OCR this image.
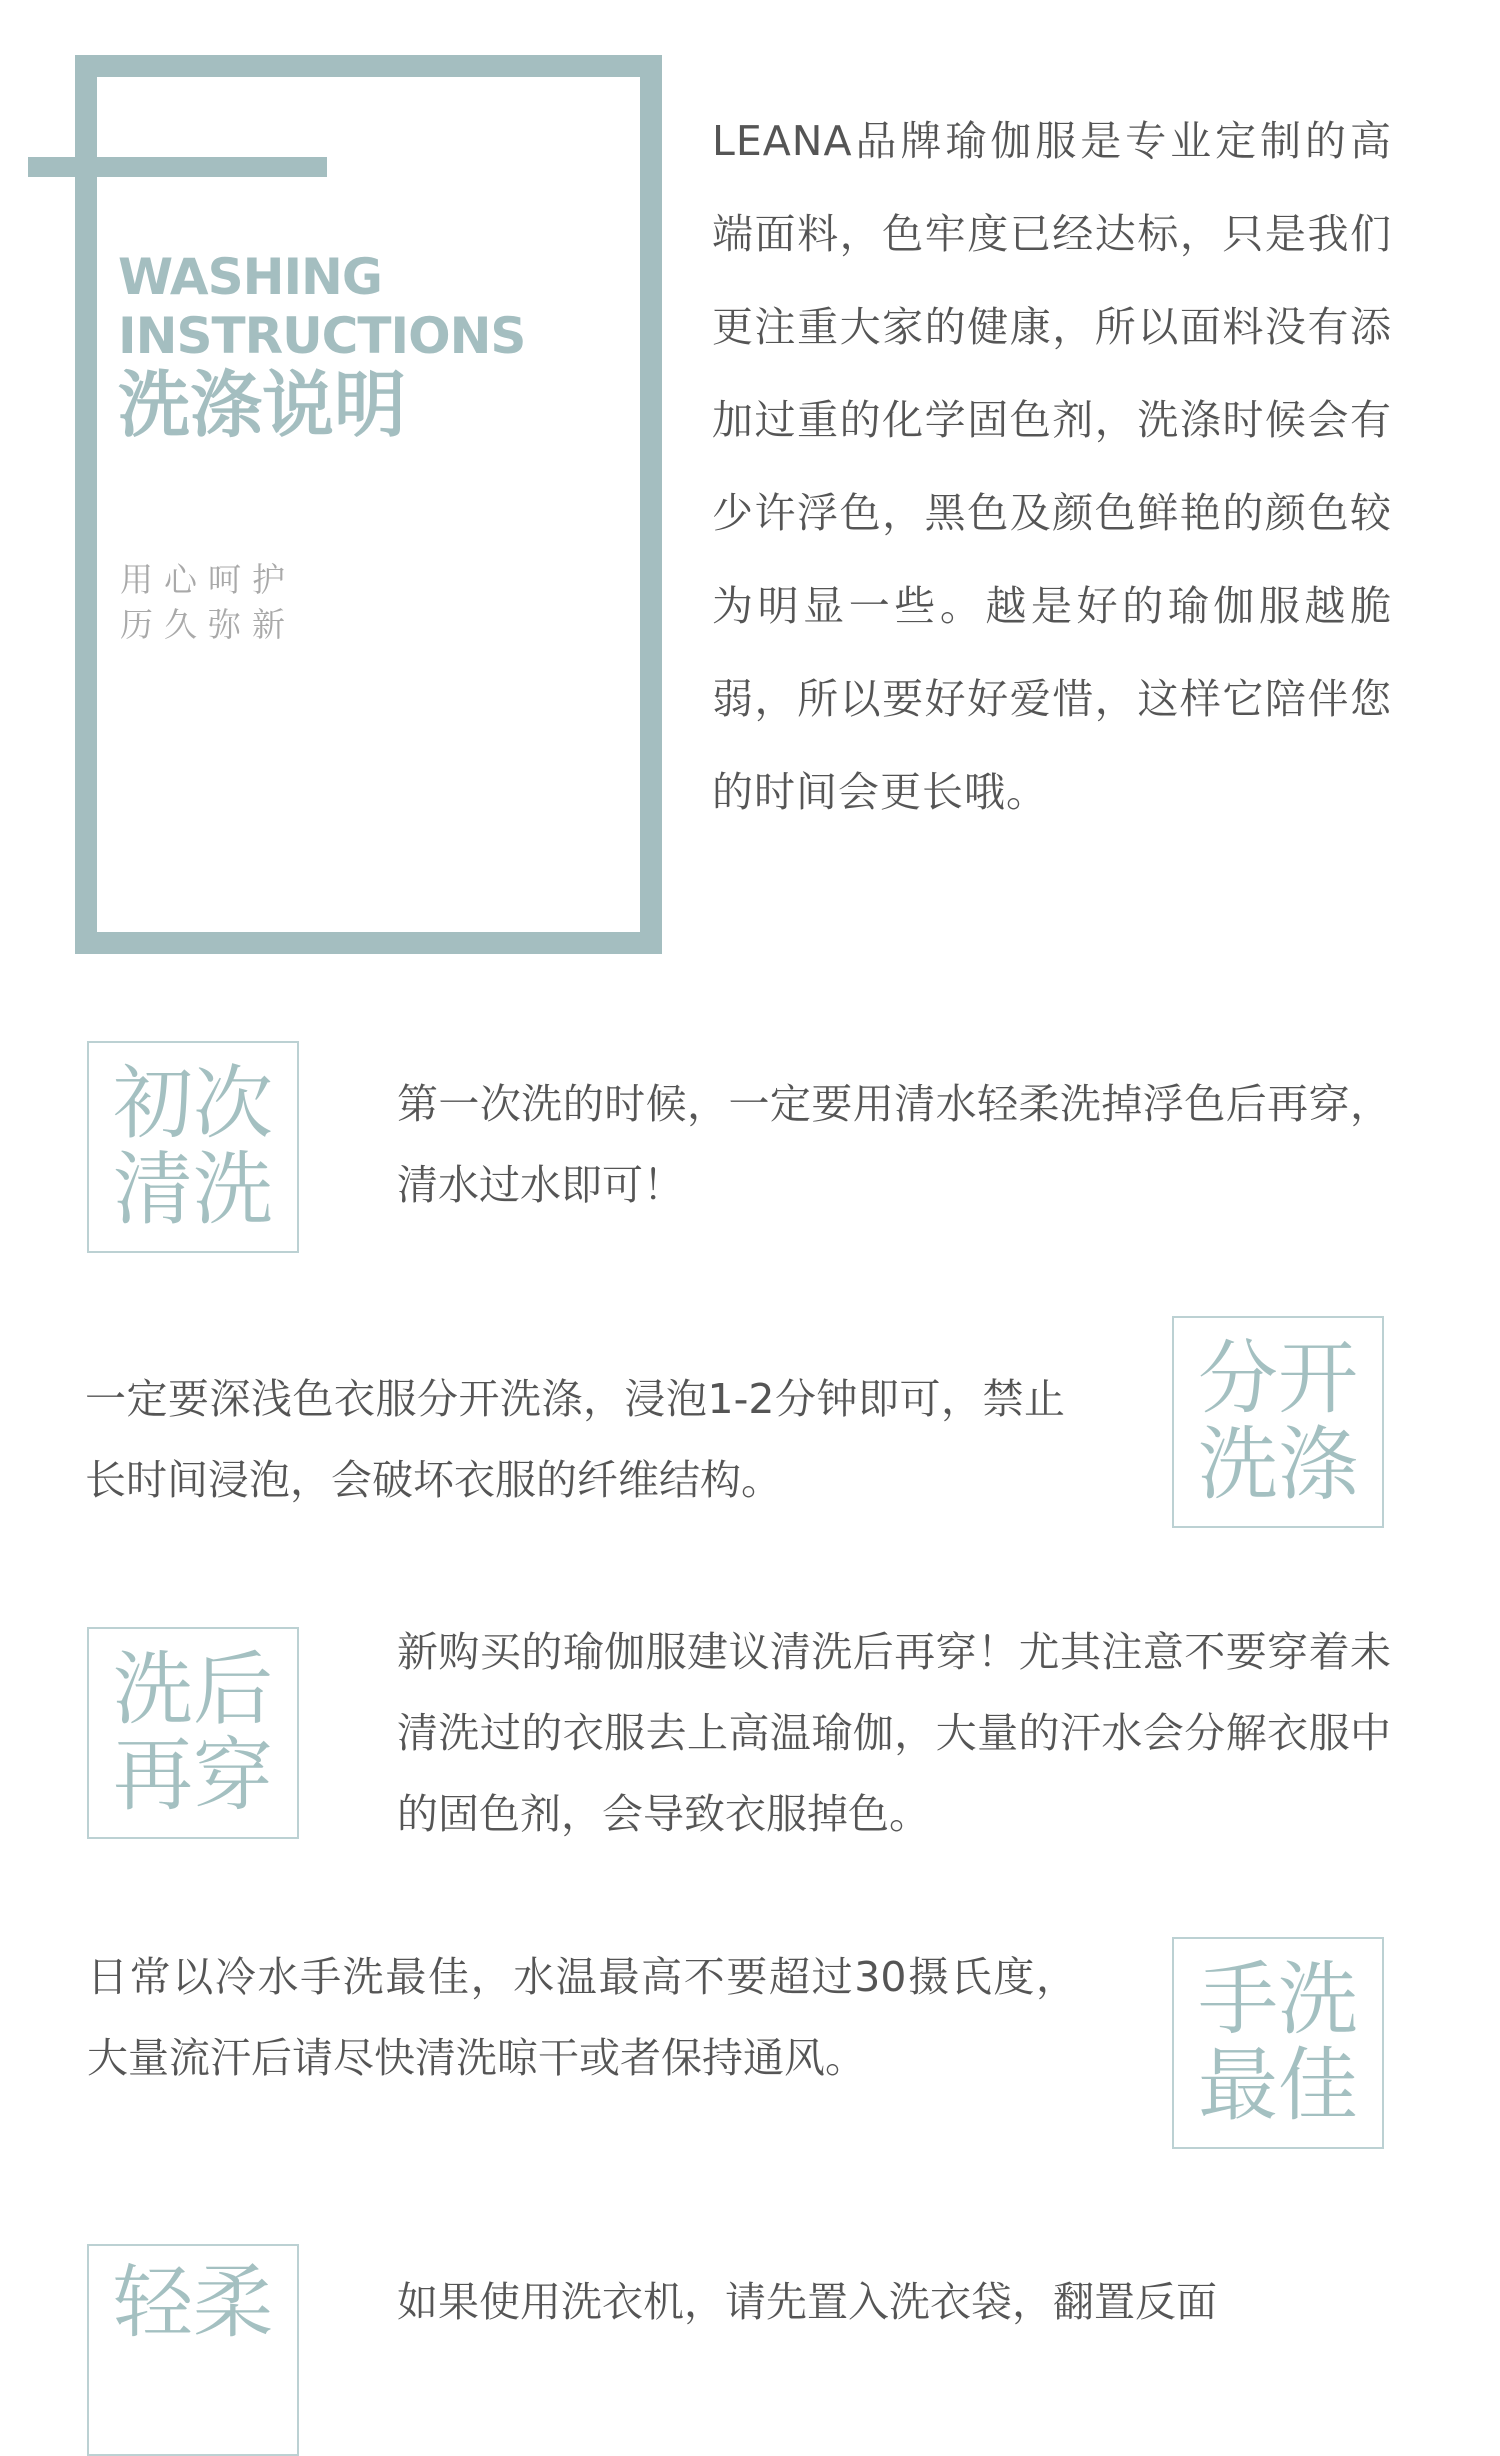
WASHING
INSTRUCTIONS
洗涤说明
用心呵护
历久弥新
LEANA品牌瑜伽服是专业定制的高端面料，色牢度已经达标，只是我们更注重大家的健康，所以面料没有添加过重的化学固色剂，洗涤时候会有少许浮色，黑色及颜色鲜艳的颜色较为明显一些。越是好的瑜伽服越脆弱，所以要好好爱惜，这样它陪伴您的时间会更长哦。
初次
清洗
第一次洗的时候，一定要用清水轻柔洗掉浮色后再穿，清水过水即可！
一定要深浅色衣服分开洗涤，浸泡1-2分钟即可，禁止长时间浸泡，会破坏衣服的纤维结构。
分开
洗涤
洗后
再穿
新购买的瑜伽服建议清洗后再穿！尤其注意不要穿着未清洗过的衣服去上高温瑜伽，大量的汗水会分解衣服中的固色剂，会导致衣服掉色。
日常以冷水手洗最佳，水温最高不要超过30摄氏度，大量流汗后请尽快清洗晾干或者保持通风。
手洗
最佳
轻柔	如果使用洗衣机，请先置入洗衣袋，翻置反面
